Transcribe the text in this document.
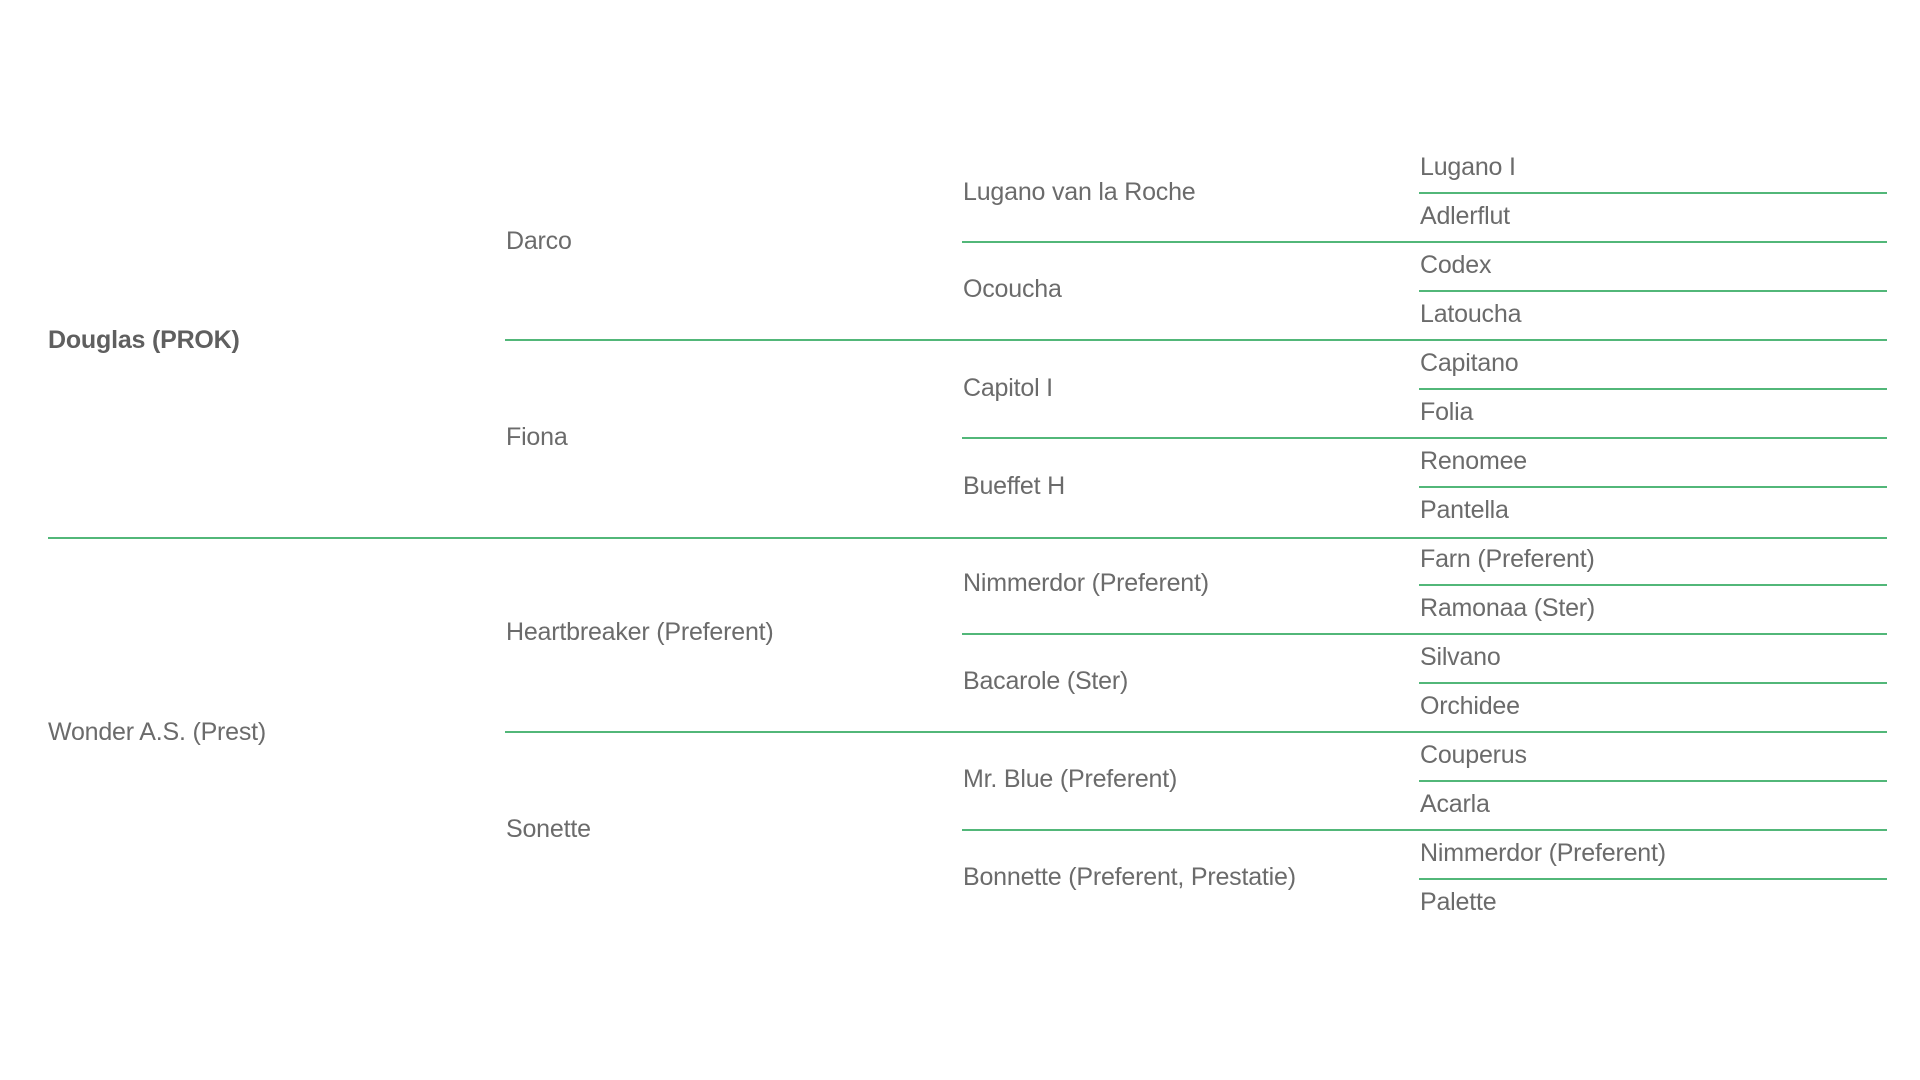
Douglas (PROK)
Wonder A.S. (Prest)
Darco
Fiona
Heartbreaker (Preferent)
Sonette
Lugano van la Roche
Ocoucha
Capitol I
Bueffet H
Nimmerdor (Preferent)
Bacarole (Ster)
Mr. Blue (Preferent)
Bonnette (Preferent, Prestatie)
Lugano I
Adlerflut
Codex
Latoucha
Capitano
Folia
Renomee
Pantella
Farn (Preferent)
Ramonaa (Ster)
Silvano
Orchidee
Couperus
Acarla
Nimmerdor (Preferent)
Palette
